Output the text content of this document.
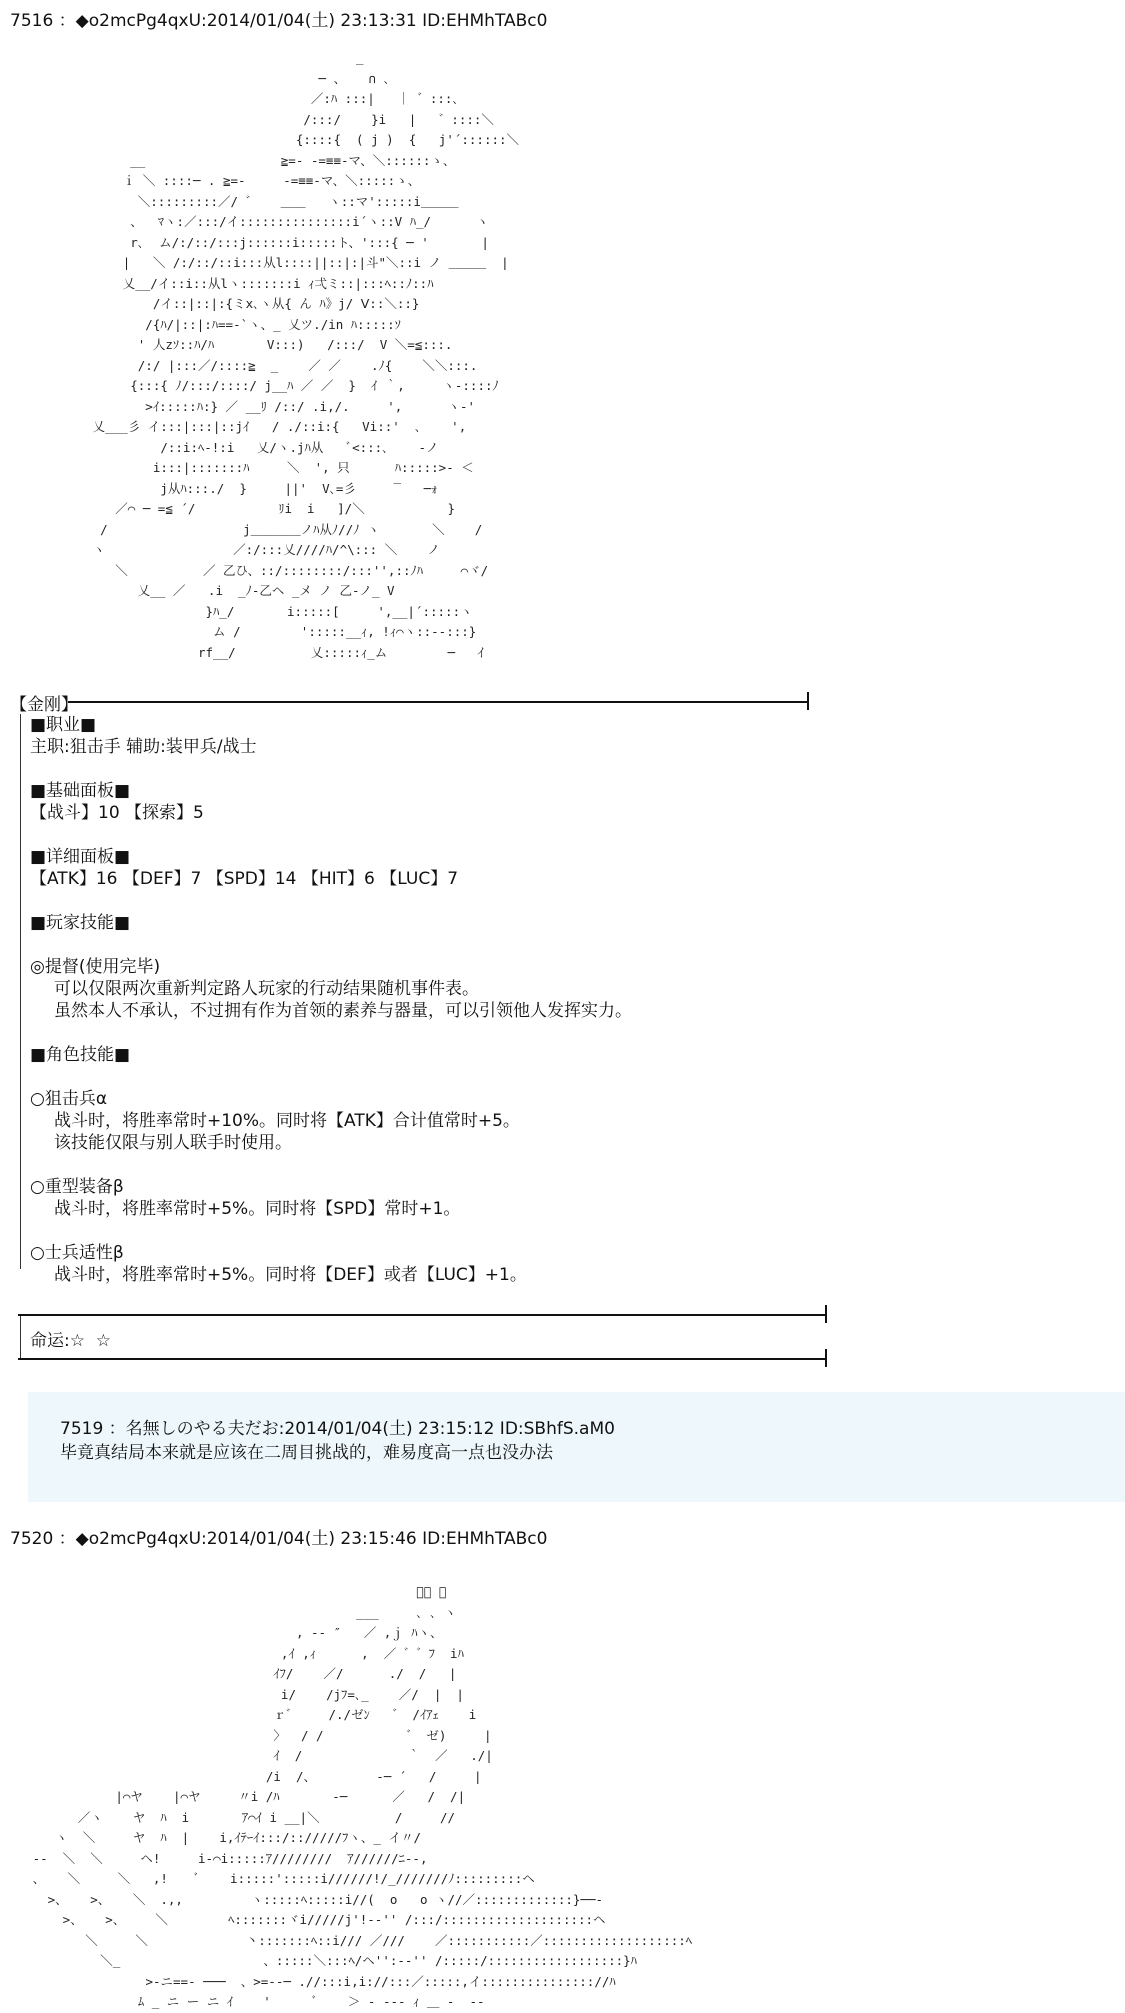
7516 ：◆o2mcPg4qxU:2014/01/04(土) 23:13:31 ID:EHMhTABc0
_
─ 、   ∩ ､
／:ﾊ :::|   ｜ ゛:::､
/:::/    }i   |   ゛::::＼
{::::{  ( j )  {   j'´::::::＼
__                  ≧=- -=≡≡-マ、＼::::::ゝ、
ｉ ＼ ::::─ . ≧=-     -=≡≡-マ、＼:::::ゝ、
＼:::::::::／/ ゛   ＿＿   ヽ::マ':::::i＿＿＿
、  ﾏヽ:／:::/イ:::::::::::::::i´ヽ::V ﾊ_/      ヽ
r､  ム/:/::/:::j::::::i:::::ト、':::{ ─ '       |
|   ＼ /:/::/::i:::从l::::||::|:|斗"＼::i ノ ＿＿＿  |
乂__/イ::i::从lヽ:::::::i ｨ弌ミ::|:::ﾍ::ﾉ::ﾊ
/イ::|::|:{ミx､ヽ从{ ん ﾊ》j/ Ⅴ::＼::}
/{ﾊ/|::|:ﾊ==‐`ヽ、_ 乂ツ./in ﾊ:::::ｿ
' 人zｿ::ﾊ/ﾊ       V:::)   /:::/  V ＼=≦:::.
/:/ |:::／/::::≧  _    ／ ／    .ﾉ{    ＼＼:::.
{:::{ ﾉ/:::/::::/ j__ﾊ ／ ／  }  ｲ ｀,     ヽ-::::ﾉ
>ｲ:::::ﾊ:} ／ __ﾘ /::/ .i,/.     ',      ヽ-'
乂___彡 イ:::|:::|::jｲ   / ./::i:{   Vi::'  ､    ',
/::i:ﾍ‐!:i   乂/ヽ.jﾊ从   ﾞ<:::､    ‐ノ
i:::|:::::::ﾊ     ＼  ', 只      ﾊ:::::>‐ ＜
j从ﾊ:::./  }     ||'  V､=彡     ‾   ─ｫ
／⌒ ─ =≦ ´/           ﾘi  i   ]/＼           }
/                  j＿＿＿＿ノﾊ从ﾉ//ﾉ ヽ       ＼    /
ヽ                 ／:/:::乂////ﾊ/^\::: ＼    ノ
＼          ／ 乙ひ、::/::::::::/:::'',::ﾉﾊ     ⌒ヾ/
乂__ ／   .i  _ﾉ‐乙ヘ _メ ノ 乙‐ノ_ V
}ﾊ_/       i:::::[     ',__|´:::::ヽ
ム /        ':::::__ｨ, !ｨ⌒ヽ::‐-:::}
rf__/          乂:::::ｨ_ム        ─   ｲ
【金刚】
■职业■
主职:狙击手 辅助:装甲兵/战士

■基础面板■
【战斗】10 【探索】5

■详细面板■
【ATK】16 【DEF】7 【SPD】14 【HIT】6 【LUC】7

■玩家技能■

◎提督(使用完毕)
可以仅限两次重新判定路人玩家的行动结果随机事件表。
虽然本人不承认，不过拥有作为首领的素养与器量，可以引领他人发挥实力。

■角色技能■

○狙击兵α
战斗时，将胜率常时+10%。同时将【ATK】合计值常时+5。
该技能仅限与别人联手时使用。

○重型装备β
战斗时，将胜率常时+5%。同时将【SPD】常时+1。

○士兵适性β
战斗时，将胜率常时+5%。同时将【DEF】或者【LUC】+1。
命运:☆  ☆
7519 ：名無しのやる夫だお:2014/01/04(土) 23:15:12 ID:SBhfS.aM0
毕竟真结局本来就是应该在二周目挑战的，难易度高一点也没办法
7520 ：◆o2mcPg4qxU:2014/01/04(土) 23:15:46 ID:EHMhTABc0
ﾞ､ ､
___     ､ ､ ヽ
, -‐ ″   ／ ,ｊ ﾊヽ、
,ｲ ,ｨ      ,  ／ ゛゛ﾌ  iﾊ
ｲﾌ/    ／/      ./  /   |
i/    /jﾌ=､_    ／/  |  |
ｒ゛    /./ゼﾝ   ゛ /ｲｱｪ    i
〉  / /           ゛ ゼ)     |
ｲ  /              ｀  ／   ./|
/i  /、        ‐─ ´   /     |
|⌒ヤ    |⌒ヤ     〃i /ﾊ       ‐─      ／   /  /|
／ヽ    ヤ  ﾊ  i       ｱ⌒ｲ i __|＼          /     //
ヽ  ＼     ヤ  ﾊ  |    i,ｲﾃｰｲ:::/:://///ﾌヽ、_ イ〃/
‐‐  ＼  ＼     ヘ!     i‐⌒i:::::ｱ////////  ｱ//////ﾆ‐‐,
、   ＼     ＼   ,!    ﾞ    i:::::':::::i//////!/_///////ﾉ:::::::::ヘ
>、   >、   ＼  .,,         ヽ:::::ﾍ:::::i//(  o   o ヽ//／:::::::::::::}──‐
>、   >、    ＼        ﾍ:::::::ヾi/////j'!‐‐'' /:::/::::::::::::::::::::ヘ
＼     ＼             丶:::::::ﾍ::i/// ／///    ／:::::::::::／:::::::::::::::::::ﾍ
＼_                   、:::::＼:::ﾍ/ヘ'':‐‐'' /:::::/::::::::::::::::::}ﾊ
>‐ニ==‐ ───  、>=‐‐─ .//:::i,i://:::／:::::,イ::::::::::::::://ﾊ
ﾑ _ ニ ー ニ ｲ    '      ﾞ    ＞ ‐ ‐‐‐ ｨ ＿ ‐  ‐‐
